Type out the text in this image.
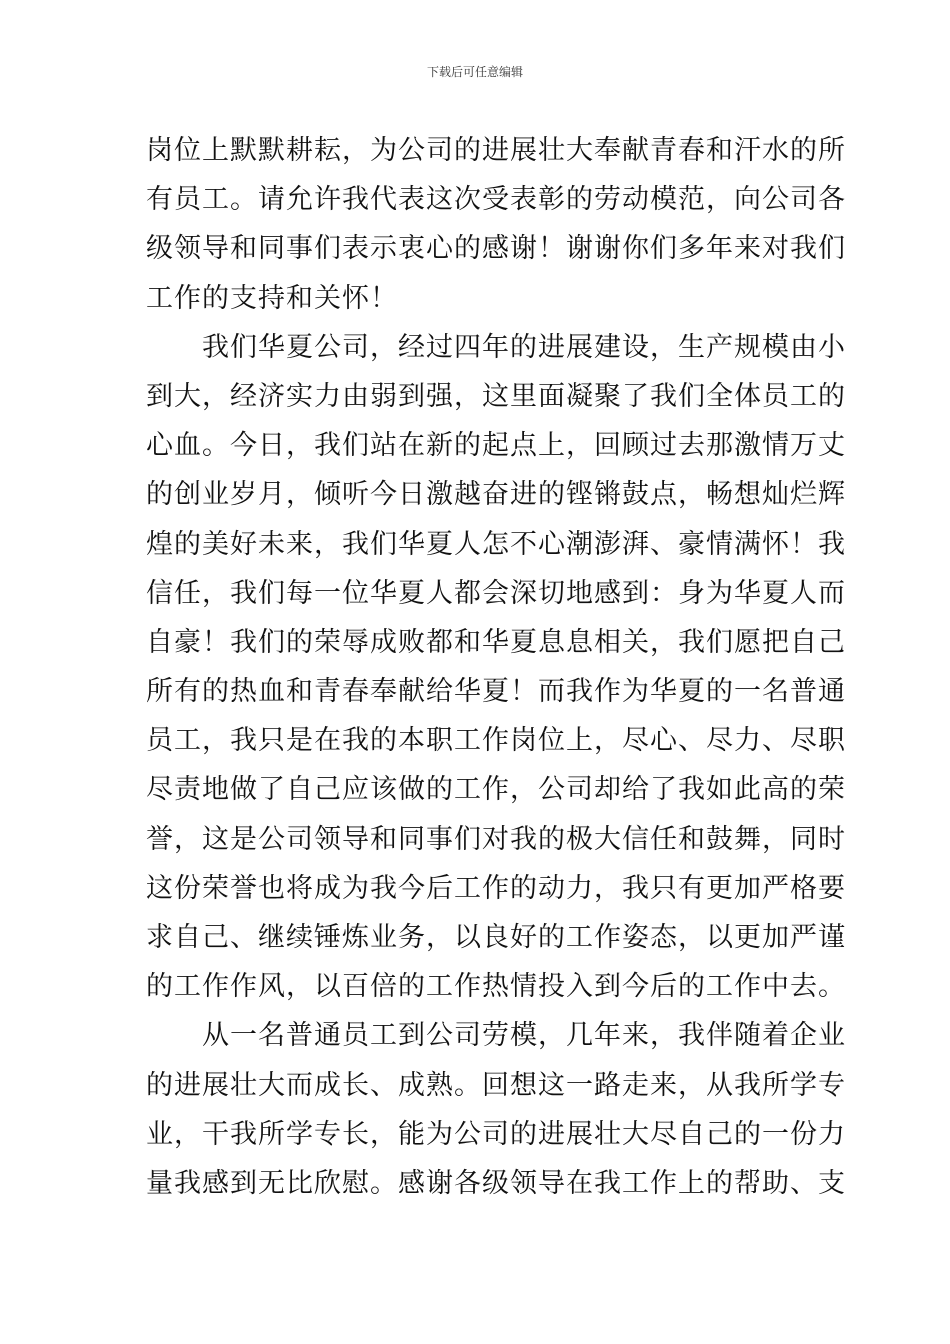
下载后可任意编辑
岗位上默默耕耘，为公司的进展壮大奉献青春和汗水的所
有员工。请允许我代表这次受表彰的劳动模范，向公司各
级领导和同事们表示衷心的感谢！谢谢你们多年来对我们
工作的支持和关怀！
我们华夏公司，经过四年的进展建设，生产规模由小
到大，经济实力由弱到强，这里面凝聚了我们全体员工的
心血。今日，我们站在新的起点上，回顾过去那激情万丈
的创业岁月，倾听今日激越奋进的铿锵鼓点，畅想灿烂辉
煌的美好未来，我们华夏人怎不心潮澎湃、豪情满怀！我
信任，我们每一位华夏人都会深切地感到：身为华夏人而
自豪！我们的荣辱成败都和华夏息息相关，我们愿把自己
所有的热血和青春奉献给华夏！而我作为华夏的一名普通
员工，我只是在我的本职工作岗位上，尽心、尽力、尽职
尽责地做了自己应该做的工作，公司却给了我如此高的荣
誉，这是公司领导和同事们对我的极大信任和鼓舞，同时
这份荣誉也将成为我今后工作的动力，我只有更加严格要
求自己、继续锤炼业务，以良好的工作姿态，以更加严谨
的工作作风，以百倍的工作热情投入到今后的工作中去。
从一名普通员工到公司劳模，几年来，我伴随着企业
的进展壮大而成长、成熟。回想这一路走来，从我所学专
业，干我所学专长，能为公司的进展壮大尽自己的一份力
量我感到无比欣慰。感谢各级领导在我工作上的帮助、支
